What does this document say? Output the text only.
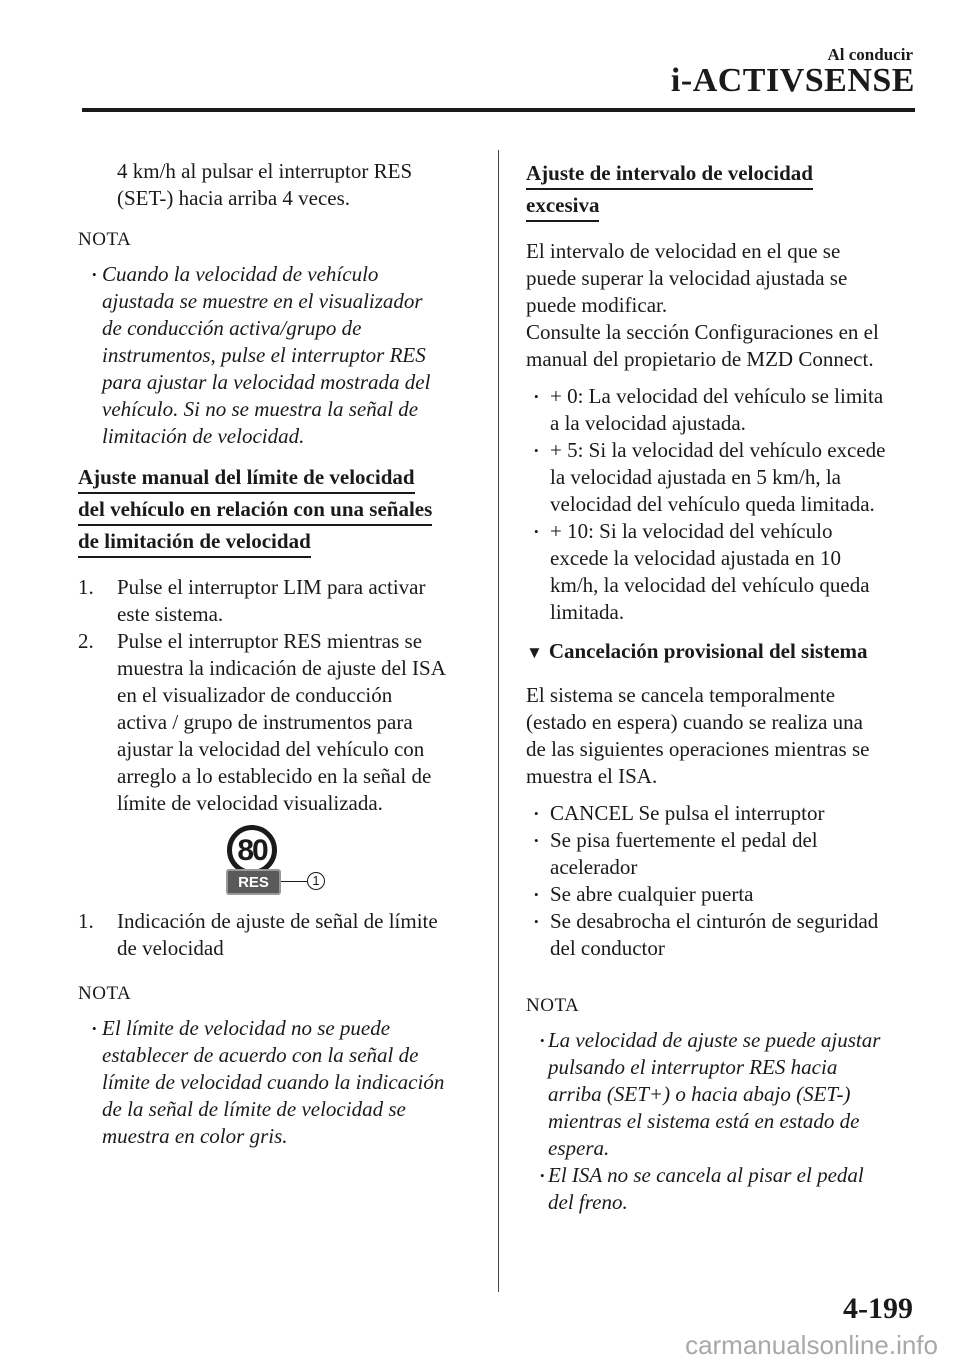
Al conducir
i-ACTIVSENSE

4 km/h al pulsar el interruptor RES

(SET-) hacia arriba 4 veces.

NOTA

• Cuando la velocidad de vehículo

ajustada se muestre en el visualizador

de conducción activa/grupo de

instrumentos, pulse el interruptor RES

para ajustar la velocidad mostrada del

vehículo. Si no se muestra la señal de

limitación de velocidad.

Ajuste manual del límite de velocidad
del vehículo en relación con una señales
de limitación de velocidad
1. Pulse el interruptor LIM para activar

este sistema.

2. Pulse el interruptor RES mientras se

muestra la indicación de ajuste del ISA

en el visualizador de conducción

activa / grupo de instrumentos para

ajustar la velocidad del vehículo con

arreglo a lo establecido en la señal de

límite de velocidad visualizada.

80
RES	1
1. Indicación de ajuste de señal de límite

de velocidad

NOTA

• El límite de velocidad no se puede

establecer de acuerdo con la señal de

límite de velocidad cuando la indicación

de la señal de límite de velocidad se

muestra en color gris.

Ajuste de intervalo de velocidad
excesiva

El intervalo de velocidad en el que se

puede superar la velocidad ajustada se

puede modificar.

Consulte la sección Configuraciones en el

manual del propietario de MZD Connect.

• + 0: La velocidad del vehículo se limita

a la velocidad ajustada.

• + 5: Si la velocidad del vehículo excede

la velocidad ajustada en 5 km/h, la

velocidad del vehículo queda limitada.

• + 10: Si la velocidad del vehículo

excede la velocidad ajustada en 10

km/h, la velocidad del vehículo queda

limitada.

▼ Cancelación provisional del sistema

El sistema se cancela temporalmente

(estado en espera) cuando se realiza una

de las siguientes operaciones mientras se

muestra el ISA.

• CANCEL Se pulsa el interruptor

• Se pisa fuertemente el pedal del

acelerador

• Se abre cualquier puerta

• Se desabrocha el cinturón de seguridad

del conductor

NOTA

• La velocidad de ajuste se puede ajustar

pulsando el interruptor RES hacia

arriba (SET+) o hacia abajo (SET-)

mientras el sistema está en estado de

espera.

• El ISA no se cancela al pisar el pedal

del freno.

4-199
carmanualsonline.info
